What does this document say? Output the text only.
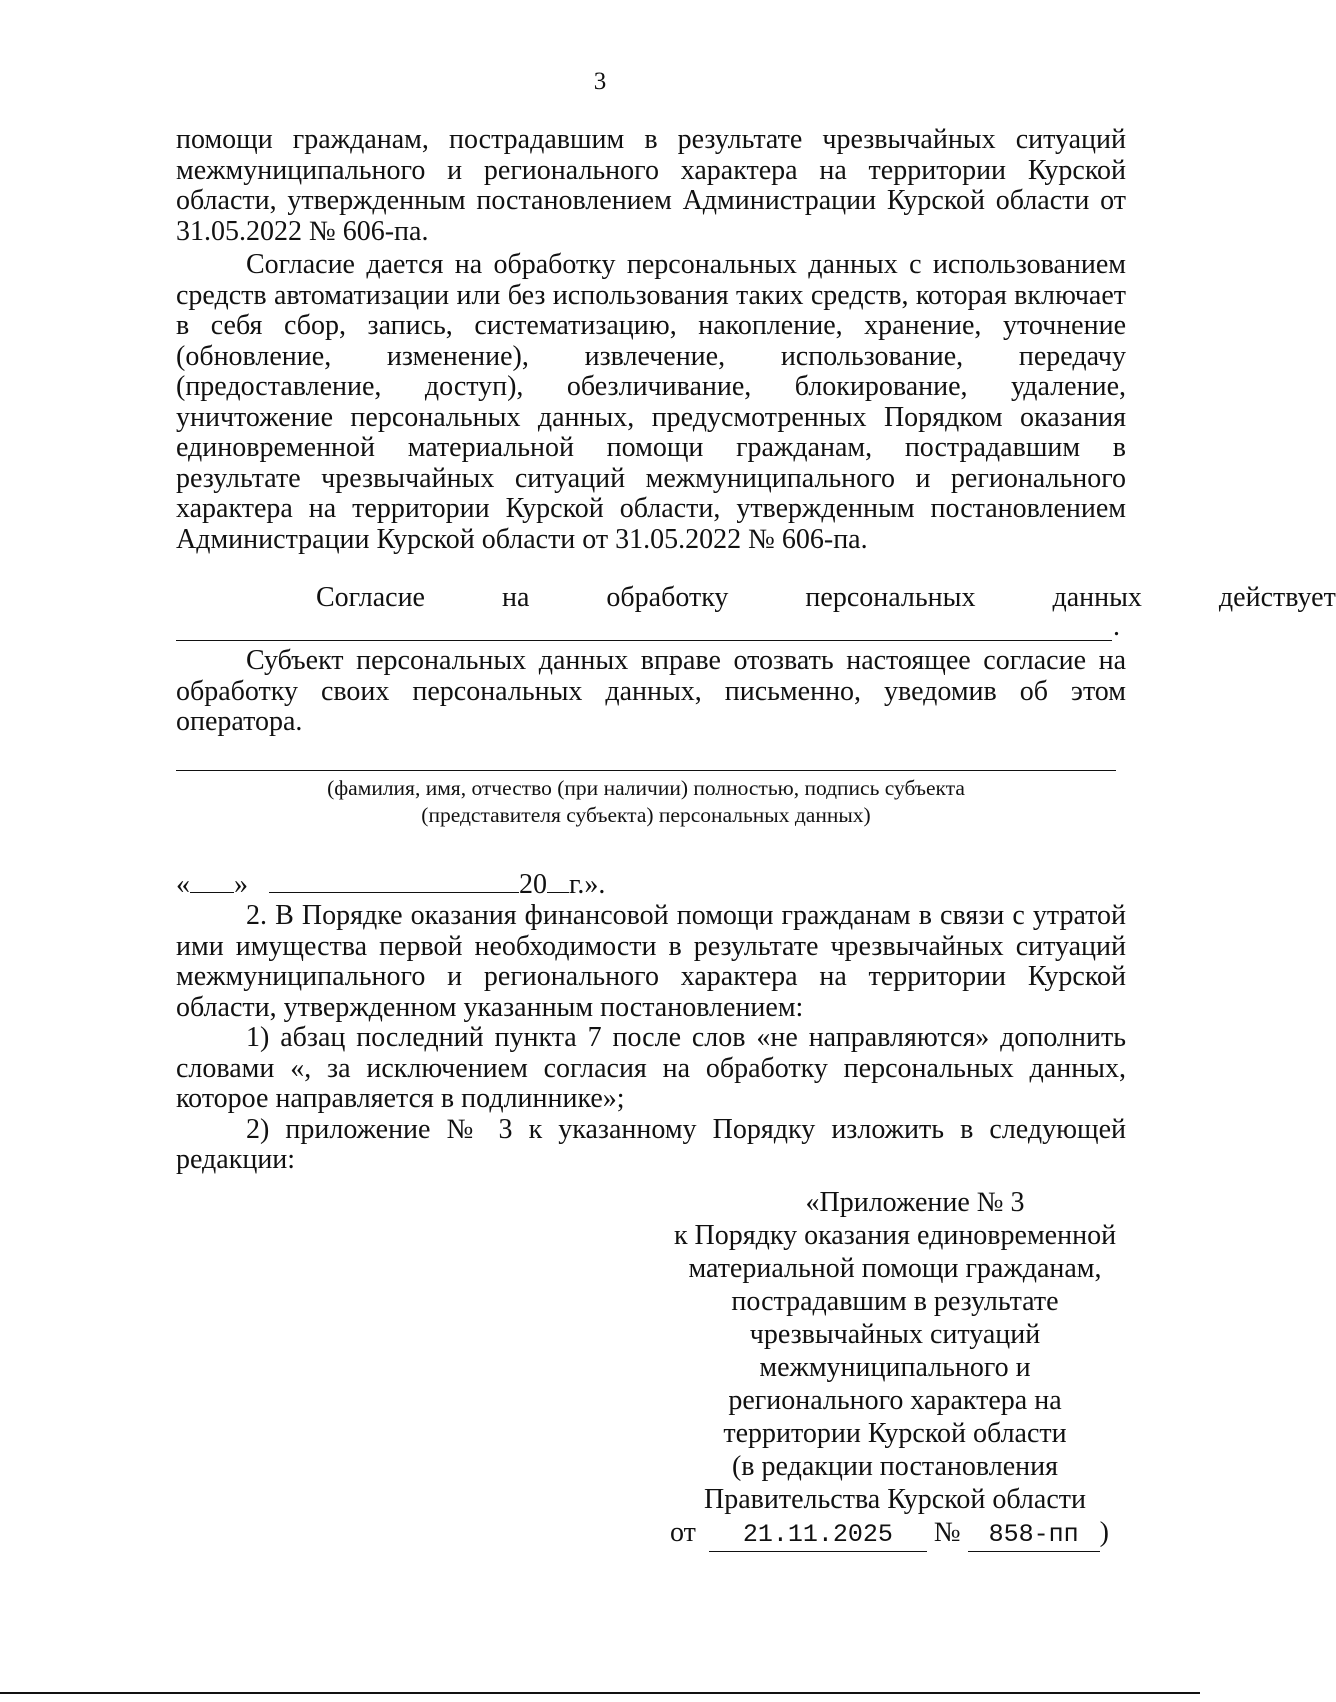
3

помощи гражданам, пострадавшим в результате чрезвычайных ситуаций межмуниципального и регионального характера на территории Курской области, утвержденным постановлением Администрации Курской области от 31.05.2022 № 606-па.

Согласие дается на обработку персональных данных с использованием средств автоматизации или без использования таких средств, которая включает в себя сбор, запись, систематизацию, накопление, хранение, уточнение (обновление, изменение), извлечение, использование, передачу (предоставление, доступ), обезличивание, блокирование, удаление, уничтожение персональных данных, предусмотренных Порядком оказания единовременной материальной помощи гражданам, пострадавшим в результате чрезвычайных ситуаций межмуниципального и регионального характера на территории Курской области, утвержденным постановлением Администрации Курской области от 31.05.2022 № 606-па.

Согласие	на	обработку	персональных	данных	действует
.

Субъект персональных данных вправе отозвать настоящее согласие на обработку своих персональных данных, письменно, уведомив об этом оператора.

(фамилия, имя, отчество (при наличии) полностью, подпись субъекта
(представителя субъекта) персональных данных)
« »	20 г.».

2. В Порядке оказания финансовой помощи гражданам в связи с утратой ими имущества первой необходимости в результате чрезвычайных ситуаций межмуниципального и регионального характера на территории Курской области, утвержденном указанным постановлением:

1) абзац последний пункта 7 после слов «не направляются» дополнить словами «, за исключением согласия на обработку персональных данных, которое направляется в подлиннике»;

2) приложение № 3 к указанному Порядку изложить в следующей редакции:

«Приложение № 3

к Порядку оказания единовременной

материальной помощи гражданам,

пострадавшим в результате

чрезвычайных ситуаций

межмуниципального и

регионального характера на

территории Курской области

(в редакции постановления

Правительства Курской области

от 21.11.2025 № 858-пп )
